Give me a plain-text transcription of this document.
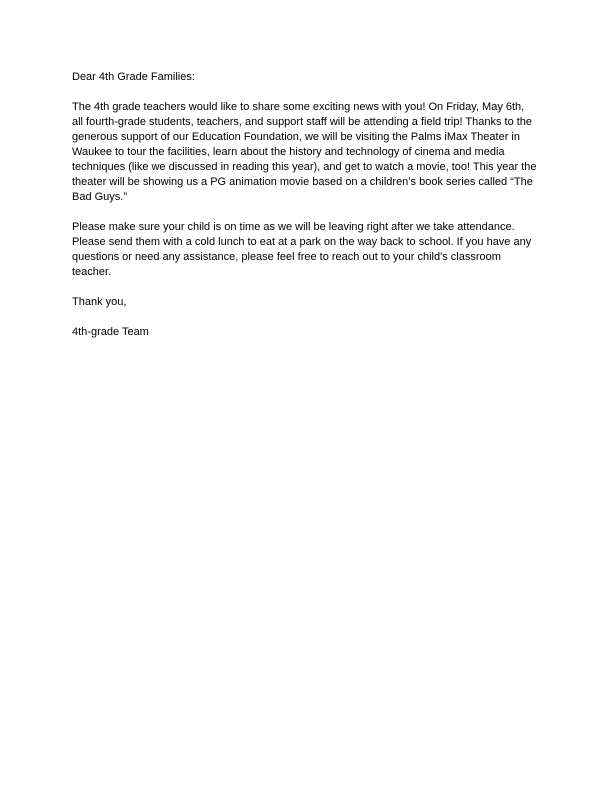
Dear 4th Grade Families:
The 4th grade teachers would like to share some exciting news with you! On Friday, May 6th,
all fourth-grade students, teachers, and support staff will be attending a field trip! Thanks to the
generous support of our Education Foundation, we will be visiting the Palms iMax Theater in
Waukee to tour the facilities, learn about the history and technology of cinema and media
techniques (like we discussed in reading this year), and get to watch a movie, too! This year the
theater will be showing us a PG animation movie based on a children’s book series called “The
Bad Guys.”
Please make sure your child is on time as we will be leaving right after we take attendance.
Please send them with a cold lunch to eat at a park on the way back to school. If you have any
questions or need any assistance, please feel free to reach out to your child's classroom
teacher.
Thank you,
4th-grade Team
